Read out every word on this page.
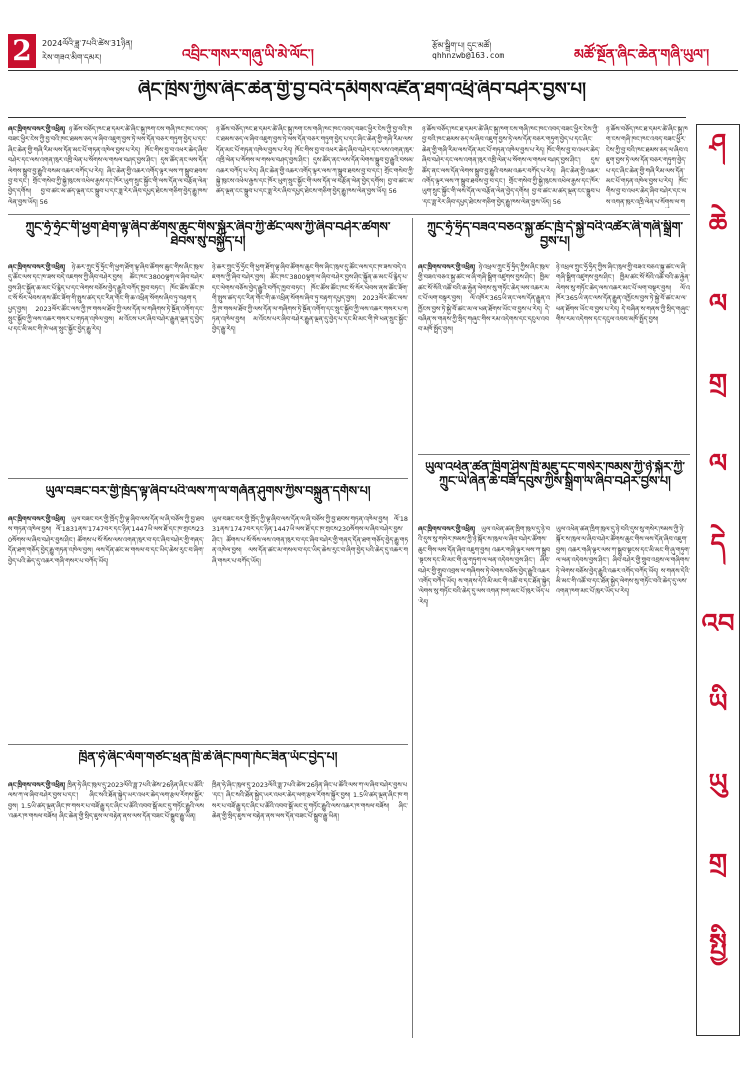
2	2024ལོའི་ཟླ་7པའི་ཚེས་31ཉིན།
རེས་གཟའ་མིག་དམར།	འབྲིང་གསར་གཞུ་ཡི་མེ་ལོང་།
རྩོམ་སྒྲིག་པ། དུང་མཚོ།
qhhnzwb@163.com	མཚོ་སྔོན་ཞིང་ཆེན་གཞི་ཡུལ་།
ཞིང་ཁྲིས་ཀྱིས་ཞིང་ཆེན་གྱི་བྱ་བའི་དམིགས་འཛིན་ཐག་འཕྲི་ཞིབ་བཤེར་བྱས་པ།
ཞང་ཁྲིགས་བསར་གྱི་འཕྲིན། ཉ་ཆོས་བཅོད་ཁང་ཐ་དམར་ཚེ་ཞིང་སྐུ་ཁག་ངས་གཞི་ཁང་ཁང་འབད་བཟང་ཕྱིར་ངེས་ཀྱི་བྱ་བའི་ཁང་ཐམས་ཅད་ལ་ཞིབ་འཇུག་བྱས་ཏེ་ལས་དོན་བཅར་གཏུག་བྱེད་པ་དང་ཞིང་ཆེན་གྱི་གཞི་རིམ་ལས་དོན་མང་པོ་གཏན་འཁེལ་བྱས་པ་རེད། ཁོང་གིས་བྱ་བ་འཕར་ཆེད་ཞིབ་བཤེར་དང་ལས་འགན་ཁུར་འཁྲི་ལེན་པ་སོགས་ལ་གསལ་བཤད་བྱས་ཤིང་། དུས་ཚོད་ནང་ལས་དོན་ལེགས་སྒྲུབ་བྱ་རྒྱུའི་བསམ་འཆར་བཀོད་པ་རེད། ཞིང་ཆེན་གྱི་འཆར་འགོད་ལྟར་ལས་ཀ་སྒྲུབ་ཐབས་བྱ་བ་དང་། གྲོང་གསེབ་ཀྱི་སྐྱེ་ཁུངས་འཕེལ་རྒྱས་དང་ཁོར་ཡུག་སྲུང་སྐྱོང་གི་ལས་དོན་ལ་བརྩོན་ལེན་བྱེད་དགོས། བྱ་བ་ཚང་མ་ཚད་ལྡན་ངང་སྒྲུབ་པ་དང་ཟླ་རེར་ཞིབ་དཔྱད་ཐེངས་གཅིག་བྱེད་རྒྱུ་ཁས་ལེན་བྱས་ཡོད། 56
ཉ་ཆོས་བཅོད་ཁང་ཐ་དམར་ཚེ་ཞིང་སྐུ་ཁག་ངས་གཞི་ཁང་ཁང་འབད་བཟང་ཕྱིར་ངེས་ཀྱི་བྱ་བའི་ཁང་ཐམས་ཅད་ལ་ཞིབ་འཇུག་བྱས་ཏེ་ལས་དོན་བཅར་གཏུག་བྱེད་པ་དང་ཞིང་ཆེན་གྱི་གཞི་རིམ་ལས་དོན་མང་པོ་གཏན་འཁེལ་བྱས་པ་རེད། ཁོང་གིས་བྱ་བ་འཕར་ཆེད་ཞིབ་བཤེར་དང་ལས་འགན་ཁུར་འཁྲི་ལེན་པ་སོགས་ལ་གསལ་བཤད་བྱས་ཤིང་། དུས་ཚོད་ནང་ལས་དོན་ལེགས་སྒྲུབ་བྱ་རྒྱུའི་བསམ་འཆར་བཀོད་པ་རེད། ཞིང་ཆེན་གྱི་འཆར་འགོད་ལྟར་ལས་ཀ་སྒྲུབ་ཐབས་བྱ་བ་དང་། གྲོང་གསེབ་ཀྱི་སྐྱེ་ཁུངས་འཕེལ་རྒྱས་དང་ཁོར་ཡུག་སྲུང་སྐྱོང་གི་ལས་དོན་ལ་བརྩོན་ལེན་བྱེད་དགོས། བྱ་བ་ཚང་མ་ཚད་ལྡན་ངང་སྒྲུབ་པ་དང་ཟླ་རེར་ཞིབ་དཔྱད་ཐེངས་གཅིག་བྱེད་རྒྱུ་ཁས་ལེན་བྱས་ཡོད། 56
ཉ་ཆོས་བཅོད་ཁང་ཐ་དམར་ཚེ་ཞིང་སྐུ་ཁག་ངས་གཞི་ཁང་ཁང་འབད་བཟང་ཕྱིར་ངེས་ཀྱི་བྱ་བའི་ཁང་ཐམས་ཅད་ལ་ཞིབ་འཇུག་བྱས་ཏེ་ལས་དོན་བཅར་གཏུག་བྱེད་པ་དང་ཞིང་ཆེན་གྱི་གཞི་རིམ་ལས་དོན་མང་པོ་གཏན་འཁེལ་བྱས་པ་རེད། ཁོང་གིས་བྱ་བ་འཕར་ཆེད་ཞིབ་བཤེར་དང་ལས་འགན་ཁུར་འཁྲི་ལེན་པ་སོགས་ལ་གསལ་བཤད་བྱས་ཤིང་། དུས་ཚོད་ནང་ལས་དོན་ལེགས་སྒྲུབ་བྱ་རྒྱུའི་བསམ་འཆར་བཀོད་པ་རེད། ཞིང་ཆེན་གྱི་འཆར་འགོད་ལྟར་ལས་ཀ་སྒྲུབ་ཐབས་བྱ་བ་དང་། གྲོང་གསེབ་ཀྱི་སྐྱེ་ཁུངས་འཕེལ་རྒྱས་དང་ཁོར་ཡུག་སྲུང་སྐྱོང་གི་ལས་དོན་ལ་བརྩོན་ལེན་བྱེད་དགོས། བྱ་བ་ཚང་མ་ཚད་ལྡན་ངང་སྒྲུབ་པ་དང་ཟླ་རེར་ཞིབ་དཔྱད་ཐེངས་གཅིག་བྱེད་རྒྱུ་ཁས་ལེན་བྱས་ཡོད། 56
ཉ་ཆོས་བཅོད་ཁང་ཐ་དམར་ཚེ་ཞིང་སྐུ་ཁག་ངས་གཞི་ཁང་ཁང་འབད་བཟང་ཕྱིར་ངེས་ཀྱི་བྱ་བའི་ཁང་ཐམས་ཅད་ལ་ཞིབ་འཇུག་བྱས་ཏེ་ལས་དོན་བཅར་གཏུག་བྱེད་པ་དང་ཞིང་ཆེན་གྱི་གཞི་རིམ་ལས་དོན་མང་པོ་གཏན་འཁེལ་བྱས་པ་རེད། ཁོང་གིས་བྱ་བ་འཕར་ཆེད་ཞིབ་བཤེར་དང་ལས་འགན་ཁུར་འཁྲི་ལེན་པ་སོགས་ལ་ག
ཀྲུང་ཧྲོ་ཧྲོང་གི་ཕྱག་ཐོག་ལྟ་ཞིབ་ཚོགས་ཆུང་གིས་སྐོར་ཞིབ་ཀྱི་ཚོང་ལས་ཀྱི་ཞིབ་བཤེར་ཚགས་ཐེབས་སུ་བསྐྱོད་པ།
ཞང་ཁྲིགས་བསར་གྱི་འཕྲིན། ཉེ་ཆར་ཀྲུང་ཧྲོ་ཧྲོང་གི་ཕྱག་ཐོག་ལྟ་ཞིབ་ཚོགས་ཆུང་གིས་ཞིང་ཁུལ་དུ་ཚོང་ལས་དང་ཁ་ཟས་བདེ་འཇགས་ཀྱི་ཞིབ་བཤེར་བྱས། ཚོང་ཁང་3800ལྷག་ལ་ཞིབ་བཤེར་བྱས་ཤིང་སྐྱོན་ཆ་མང་པོ་རྙེད་པ་དང་ལེགས་བཅོས་བྱེད་རྒྱུའི་བཀོད་ཁྱབ་བཏང་། ཁོང་ཚོས་ཚོང་ཁང་སོ་སོར་ཕེབས་ནས་ཚོང་ཟོག་གི་སྤུས་ཚད་དང་རིན་གོང་གི་ཆ་འཕྲིན་སོགས་ཞིབ་ཏུ་བརྟག་དཔྱད་བྱས། 2023ལོར་ཚོང་ལས་ཀྱི་ཁ་གསལ་ཐོབ་ཀྱི་ལས་དོན་ལ་གཞིགས་ཏེ་སྔོན་འགོག་དང་སྲུང་སྐྱོབ་ཀྱི་ལས་འཆར་གསར་པ་གཏན་འཁེལ་བྱས། མ་འོངས་པར་ཞིབ་བཤེར་རྒྱུན་ལྡན་དུ་བྱེད་པ་དང་མི་མང་གི་ཁེ་ཕན་སྲུང་སྐྱོང་བྱེད་རྒྱུ་རེད།
ཉེ་ཆར་ཀྲུང་ཧྲོ་ཧྲོང་གི་ཕྱག་ཐོག་ལྟ་ཞིབ་ཚོགས་ཆུང་གིས་ཞིང་ཁུལ་དུ་ཚོང་ལས་དང་ཁ་ཟས་བདེ་འཇགས་ཀྱི་ཞིབ་བཤེར་བྱས། ཚོང་ཁང་3800ལྷག་ལ་ཞིབ་བཤེར་བྱས་ཤིང་སྐྱོན་ཆ་མང་པོ་རྙེད་པ་དང་ལེགས་བཅོས་བྱེད་རྒྱུའི་བཀོད་ཁྱབ་བཏང་། ཁོང་ཚོས་ཚོང་ཁང་སོ་སོར་ཕེབས་ནས་ཚོང་ཟོག་གི་སྤུས་ཚད་དང་རིན་གོང་གི་ཆ་འཕྲིན་སོགས་ཞིབ་ཏུ་བརྟག་དཔྱད་བྱས། 2023ལོར་ཚོང་ལས་ཀྱི་ཁ་གསལ་ཐོབ་ཀྱི་ལས་དོན་ལ་གཞིགས་ཏེ་སྔོན་འགོག་དང་སྲུང་སྐྱོབ་ཀྱི་ལས་འཆར་གསར་པ་གཏན་འཁེལ་བྱས། མ་འོངས་པར་ཞིབ་བཤེར་རྒྱུན་ལྡན་དུ་བྱེད་པ་དང་མི་མང་གི་ཁེ་ཕན་སྲུང་སྐྱོང་བྱེད་རྒྱུ་རེད།
ཀྲུང་ཧྲོ་ཧྲིད་བཟའ་བཅའ་སྐྱ་ཚང་ཁྲོ་དེ་སྐྱེ་བའི་འཚེར་ཞི་གཞི་སྒྲིག་བྱས་པ།
ཞང་ཁྲིགས་བསར་གྱི་འཕྲིན། ཉེ་འཕྲལ་ཀྲུང་ཧྲོ་ཧྲིད་ཀྱིས་ཞིང་ཁུལ་གྱི་བཟའ་བཅའ་སྐྱ་ཚང་ལ་ཞི་གཞི་སྒྲིག་འཛུགས་བྱས་ཤིང་། ཁྱིམ་ཚང་སོ་སོའི་འཚོ་བའི་ཆ་རྐྱེན་ལེགས་སུ་གཏོང་ཆེད་ལས་འཆར་མང་པོ་ལག་བསྟར་བྱས། ལོ་འཁོར་365ཡི་ནང་ལས་དོན་རྒྱུན་འཁྱོངས་བྱས་ཏེ་སྐྱེ་བོ་ཚང་མ་ལ་ཕན་ཐོགས་ཡོང་བ་བྱས་པ་རེད། དེ་བཞིན་ས་གནས་ཀྱི་སྲིད་གཞུང་གིས་རམ་འདེགས་དང་དངུལ་འབབ་མཁོ་སྤྲོད་བྱས།
ཉེ་འཕྲལ་ཀྲུང་ཧྲོ་ཧྲིད་ཀྱིས་ཞིང་ཁུལ་གྱི་བཟའ་བཅའ་སྐྱ་ཚང་ལ་ཞི་གཞི་སྒྲིག་འཛུགས་བྱས་ཤིང་། ཁྱིམ་ཚང་སོ་སོའི་འཚོ་བའི་ཆ་རྐྱེན་ལེགས་སུ་གཏོང་ཆེད་ལས་འཆར་མང་པོ་ལག་བསྟར་བྱས། ལོ་འཁོར་365ཡི་ནང་ལས་དོན་རྒྱུན་འཁྱོངས་བྱས་ཏེ་སྐྱེ་བོ་ཚང་མ་ལ་ཕན་ཐོགས་ཡོང་བ་བྱས་པ་རེད། དེ་བཞིན་ས་གནས་ཀྱི་སྲིད་གཞུང་གིས་རམ་འདེགས་དང་དངུལ་འབབ་མཁོ་སྤྲོད་བྱས།
ཡུལ་བཟང་བར་གྱི་ཁྲོད་ལྟ་ཞིབ་པའི་ལས་ཀ་ལ་གཞོན་ཤུགས་ཀྱིས་བསྐྲུན་དགོས་པ།
ཞང་ཁྲིགས་བསར་གྱི་འཕྲིན། ཡུལ་བཟང་བར་གྱི་ཁྲོད་ཀྱི་ལྟ་ཞིབ་ལས་དོན་ལ་ཞི་བཅོས་ཀྱི་བྱ་ཐབས་གཏན་འཁེལ་བྱས། ལོ་1831ནས་1747བར་དང་ཉིན་1447ཡི་ལས་ཐོ་དང་ཁ་གྲངས230སོགས་ལ་ཞིབ་བཤེར་བྱས་ཤིང་། ཚོགས་པ་སོ་སོས་ལས་འགན་ཁུར་བ་དང་ཞིབ་བཤེར་གྱི་གནད་དོན་ཐག་གཅོད་བྱེད་རྒྱུ་གཏན་འཁེལ་བྱས། ལས་དོན་ཚང་མ་གསལ་བ་དང་ཡིད་ཆེས་རུང་བ་ཞིག་བྱེད་པའི་ཆེད་དུ་འཆར་གཞི་གསར་པ་བཀོད་ཡོད།
ཡུལ་བཟང་བར་གྱི་ཁྲོད་ཀྱི་ལྟ་ཞིབ་ལས་དོན་ལ་ཞི་བཅོས་ཀྱི་བྱ་ཐབས་གཏན་འཁེལ་བྱས། ལོ་1831ནས་1747བར་དང་ཉིན་1447ཡི་ལས་ཐོ་དང་ཁ་གྲངས230སོགས་ལ་ཞིབ་བཤེར་བྱས་ཤིང་། ཚོགས་པ་སོ་སོས་ལས་འགན་ཁུར་བ་དང་ཞིབ་བཤེར་གྱི་གནད་དོན་ཐག་གཅོད་བྱེད་རྒྱུ་གཏན་འཁེལ་བྱས། ལས་དོན་ཚང་མ་གསལ་བ་དང་ཡིད་ཆེས་རུང་བ་ཞིག་བྱེད་པའི་ཆེད་དུ་འཆར་གཞི་གསར་པ་བཀོད་ཡོད།
ཡུལ་འཕེན་ཚན་ཁྲིག་ཤིས་ཁྲི་མཇུ་དང་གསེར་ཁམས་ཀྱི་ཉེ་སྐོར་ཀྱི་ཀྲུང་ཡེ་ཞེན་ཆེ་བཟོ་དབུས་ཀྱིས་སྒྲིག་ལ་ཞིབ་བཤེར་བྱས་པ།
ཞང་ཁྲིགས་བསར་གྱི་འཕྲིན། ཡུལ་འཕེན་ཚན་ཁྲིག་ཁུལ་དུ་ཉེ་བའི་དུས་སུ་གསེར་ཁམས་ཀྱི་ཉེ་སྐོར་ས་ཁུལ་ལ་ཞིབ་བཤེར་ཚོགས་ཆུང་གིས་ལས་དོན་ཞིབ་འཇུག་བྱས། འཆར་གཞི་ལྟར་ལས་ཀ་སྒྲུབ་སྟངས་དང་མི་མང་གི་ཞུ་གཏུག་ལ་ལན་འདེབས་བྱས་ཤིང་། ཞིབ་བཤེར་གྱི་གྲུབ་འབྲས་ལ་གཞིགས་ཏེ་ལེགས་བཅོས་བྱེད་རྒྱུའི་འཆར་འགོད་བཀོད་ཡོད། ས་གནས་དེའི་མི་མང་གི་འཚོ་བ་དང་ཐོན་སྐྱེད་ལེགས་སུ་གཏོང་བའི་ཆེད་དུ་ལས་འགན་ཁག་མང་པོ་ཁུར་ཡོད་པ་རེད།
ཡུལ་འཕེན་ཚན་ཁྲིག་ཁུལ་དུ་ཉེ་བའི་དུས་སུ་གསེར་ཁམས་ཀྱི་ཉེ་སྐོར་ས་ཁུལ་ལ་ཞིབ་བཤེར་ཚོགས་ཆུང་གིས་ལས་དོན་ཞིབ་འཇུག་བྱས། འཆར་གཞི་ལྟར་ལས་ཀ་སྒྲུབ་སྟངས་དང་མི་མང་གི་ཞུ་གཏུག་ལ་ལན་འདེབས་བྱས་ཤིང་། ཞིབ་བཤེར་གྱི་གྲུབ་འབྲས་ལ་གཞིགས་ཏེ་ལེགས་བཅོས་བྱེད་རྒྱུའི་འཆར་འགོད་བཀོད་ཡོད། ས་གནས་དེའི་མི་མང་གི་འཚོ་བ་དང་ཐོན་སྐྱེད་ལེགས་སུ་གཏོང་བའི་ཆེད་དུ་ལས་འགན་ཁག་མང་པོ་ཁུར་ཡོད་པ་རེད།
ཁྲིན་ཧེ་ཞིང་ལོག་གཙང་ཕྲན་ཁྲི་ཆེ་ཞིང་ཁག་ཁོང་ཟིན་ཡོང་བྱེད་པ།
ཞང་ཁྲིགས་བསར་གྱི་འཕྲིན། ཁྲིན་ཧེ་ཞིང་ཁུལ་དུ་2023ལོའི་ཟླ་7པའི་ཚེས་26ཉིན་ཞིང་པ་ཚོའི་ལས་ཀ་ལ་ཞིབ་བཤེར་བྱས་པ་དང་། ཞིང་སའི་ཐོན་སྐྱེད་ཡར་འཕར་ཆེད་ལག་རྩལ་རོགས་སྐྱོར་བྱས། 1.5ཡི་ཚད་ལྡན་ཞིང་ཁ་གསར་པ་བཟོ་རྒྱུ་དང་ཞིང་པ་ཚོའི་འབབ་སྒོ་མང་དུ་གཏོང་རྒྱུའི་ལས་འཆར་ཁ་གསལ་བཟོས། ཞིང་ཆེན་གྱི་སྲིད་ཇུས་ལ་བརྟེན་ནས་ལས་དོན་བཟང་པོ་སྒྲུབ་རྒྱུ་ཡིན།
ཁྲིན་ཧེ་ཞིང་ཁུལ་དུ་2023ལོའི་ཟླ་7པའི་ཚེས་26ཉིན་ཞིང་པ་ཚོའི་ལས་ཀ་ལ་ཞིབ་བཤེར་བྱས་པ་དང་། ཞིང་སའི་ཐོན་སྐྱེད་ཡར་འཕར་ཆེད་ལག་རྩལ་རོགས་སྐྱོར་བྱས། 1.5ཡི་ཚད་ལྡན་ཞིང་ཁ་གསར་པ་བཟོ་རྒྱུ་དང་ཞིང་པ་ཚོའི་འབབ་སྒོ་མང་དུ་གཏོང་རྒྱུའི་ལས་འཆར་ཁ་གསལ་བཟོས། ཞིང་ཆེན་གྱི་སྲིད་ཇུས་ལ་བརྟེན་ནས་ལས་དོན་བཟང་པོ་སྒྲུབ་རྒྱུ་ཡིན།
ཤ
ཆེ
ལ
གྲ
ལ
དེ
འབ
ཡི
ཡུ
གྲ
སྤྱི
